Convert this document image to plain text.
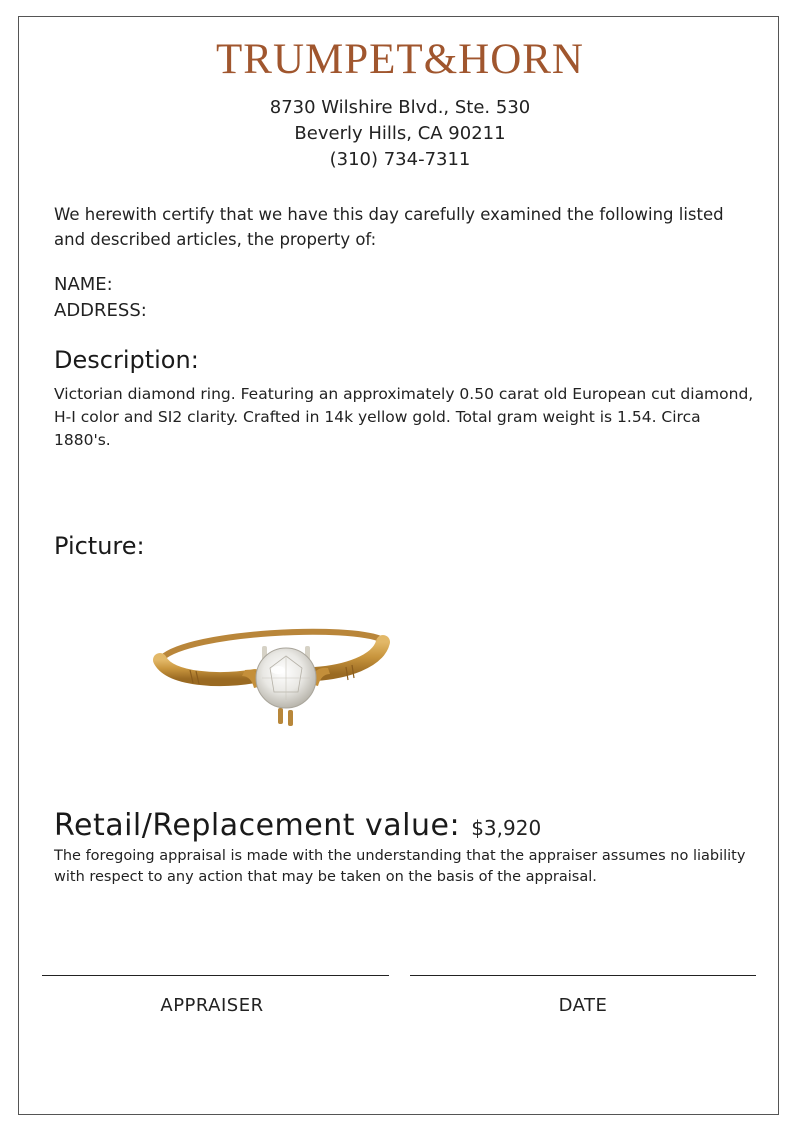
TRUMPET&HORN
8730 Wilshire Blvd., Ste. 530
Beverly Hills, CA 90211
(310) 734-7311
We herewith certify that we have this day carefully examined the following listed and described articles, the property of:
NAME:
ADDRESS:
Description:
Victorian diamond ring. Featuring an approximately 0.50 carat old European cut diamond, H-I color and SI2 clarity. Crafted in 14k yellow gold. Total gram weight is 1.54. Circa 1880's.
Picture:
Retail/Replacement value: $3,920
The foregoing appraisal is made with the understanding that the appraiser assumes no liability with respect to any action that may be taken on the basis of the appraisal.
APPRAISER	DATE
